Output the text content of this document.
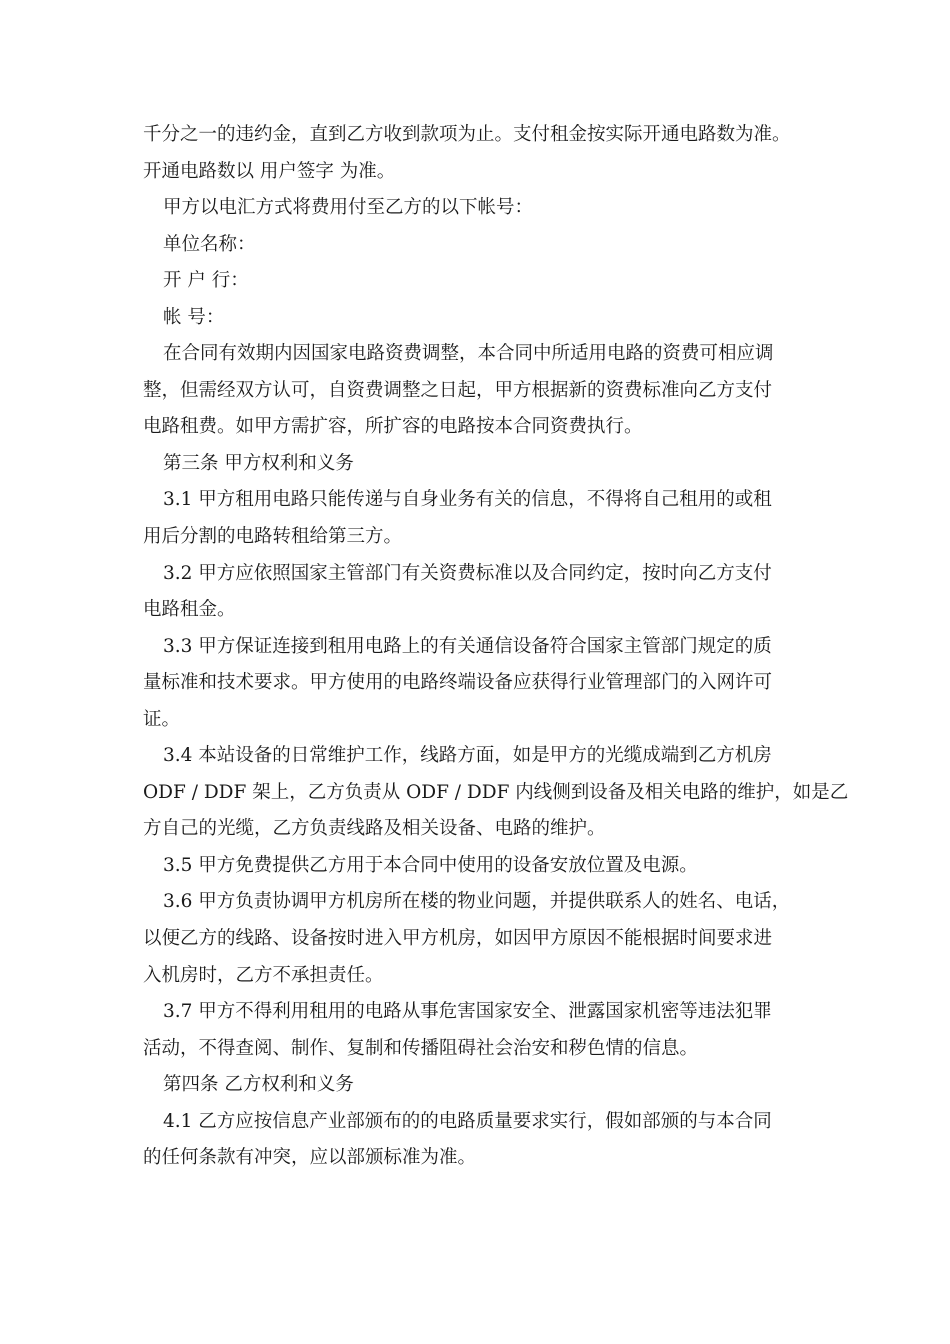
千分之一的违约金，直到乙方收到款项为止。支付租金按实际开通电路数为准。
开通电路数以 用户签字 为准。
甲方以电汇方式将费用付至乙方的以下帐号：
单位名称：
开 户 行：
帐 号：
在合同有效期内因国家电路资费调整，本合同中所适用电路的资费可相应调
整，但需经双方认可，自资费调整之日起，甲方根据新的资费标准向乙方支付
电路租费。如甲方需扩容，所扩容的电路按本合同资费执行。
第三条 甲方权利和义务
3.1 甲方租用电路只能传递与自身业务有关的信息，不得将自己租用的或租
用后分割的电路转租给第三方。
3.2 甲方应依照国家主管部门有关资费标准以及合同约定，按时向乙方支付
电路租金。
3.3 甲方保证连接到租用电路上的有关通信设备符合国家主管部门规定的质
量标准和技术要求。甲方使用的电路终端设备应获得行业管理部门的入网许可
证。
3.4 本站设备的日常维护工作，线路方面，如是甲方的光缆成端到乙方机房
ODF / DDF 架上，乙方负责从 ODF / DDF 内线侧到设备及相关电路的维护，如是乙
方自己的光缆，乙方负责线路及相关设备、电路的维护。
3.5 甲方免费提供乙方用于本合同中使用的设备安放位置及电源。
3.6 甲方负责协调甲方机房所在楼的物业问题，并提供联系人的姓名、电话，
以便乙方的线路、设备按时进入甲方机房，如因甲方原因不能根据时间要求进
入机房时，乙方不承担责任。
3.7 甲方不得利用租用的电路从事危害国家安全、泄露国家机密等违法犯罪
活动，不得查阅、制作、复制和传播阻碍社会治安和秽色情的信息。
第四条 乙方权利和义务
4.1 乙方应按信息产业部颁布的的电路质量要求实行，假如部颁的与本合同
的任何条款有冲突，应以部颁标准为准。
